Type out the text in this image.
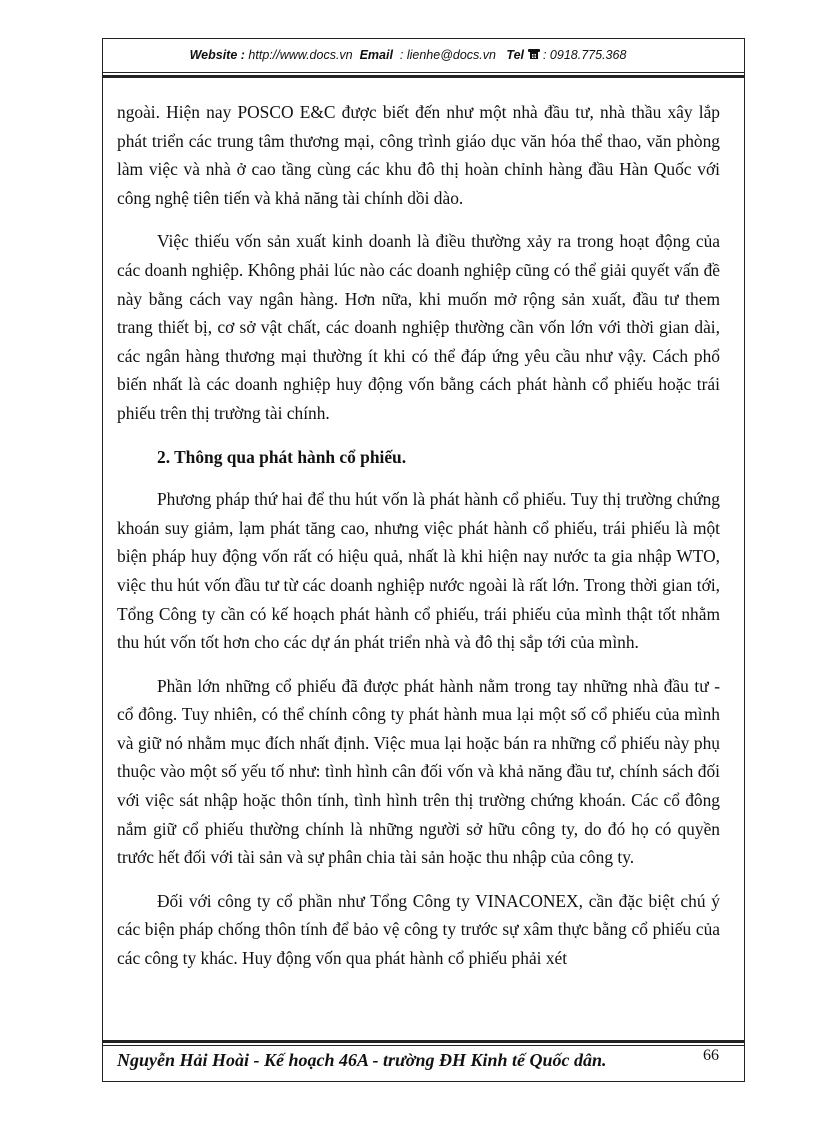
Website : http://www.docs.vn Email : lienhe@docs.vn Tel : 0918.775.368

ngoài. Hiện nay POSCO E&C được biết đến như một nhà đầu tư, nhà thầu xây lắp phát triển các trung tâm thương mại, công trình giáo dục văn hóa thể thao, văn phòng làm việc và nhà ở cao tầng cùng các khu đô thị hoàn chỉnh hàng đầu Hàn Quốc với công nghệ tiên tiến và khả năng tài chính dồi dào.

Việc thiếu vốn sản xuất kinh doanh là điều thường xảy ra trong hoạt động của các doanh nghiệp. Không phải lúc nào các doanh nghiệp cũng có thể giải quyết vấn đề này bằng cách vay ngân hàng. Hơn nữa, khi muốn mở rộng sản xuất, đầu tư them trang thiết bị, cơ sở vật chất, các doanh nghiệp thường cần vốn lớn với thời gian dài, các ngân hàng thương mại thường ít khi có thể đáp ứng yêu cầu như vậy. Cách phổ biến nhất là các doanh nghiệp huy động vốn bằng cách phát hành cổ phiếu hoặc trái phiếu trên thị trường tài chính.

2. Thông qua phát hành cổ phiếu.

Phương pháp thứ hai để thu hút vốn là phát hành cổ phiếu. Tuy thị trường chứng khoán suy giảm, lạm phát tăng cao, nhưng việc phát hành cổ phiếu, trái phiếu là một biện pháp huy động vốn rất có hiệu quả, nhất là khi hiện nay nước ta gia nhập WTO, việc thu hút vốn đầu tư từ các doanh nghiệp nước ngoài là rất lớn. Trong thời gian tới, Tổng Công ty cần có kế hoạch phát hành cổ phiếu, trái phiếu của mình thật tốt nhằm thu hút vốn tốt hơn cho các dự án phát triển nhà và đô thị sắp tới của mình.

Phần lớn những cổ phiếu đã được phát hành nằm trong tay những nhà đầu tư - cổ đông. Tuy nhiên, có thể chính công ty phát hành mua lại một số cổ phiếu của mình và giữ nó nhằm mục đích nhất định. Việc mua lại hoặc bán ra những cổ phiếu này phụ thuộc vào một số yếu tố như: tình hình cân đối vốn và khả năng đầu tư, chính sách đối với việc sát nhập hoặc thôn tính, tình hình trên thị trường chứng khoán. Các cổ đông nắm giữ cổ phiếu thường chính là những người sở hữu công ty, do đó họ có quyền trước hết đối với tài sản và sự phân chia tài sản hoặc thu nhập của công ty.

Đối với công ty cổ phần như Tổng Công ty VINACONEX, cần đặc biệt chú ý các biện pháp chống thôn tính để bảo vệ công ty trước sự xâm thực bằng cổ phiếu của các công ty khác. Huy động vốn qua phát hành cổ phiếu phải xét

Nguyễn Hải Hoài - Kế hoạch 46A - trường ĐH Kinh tế Quốc dân.	66
